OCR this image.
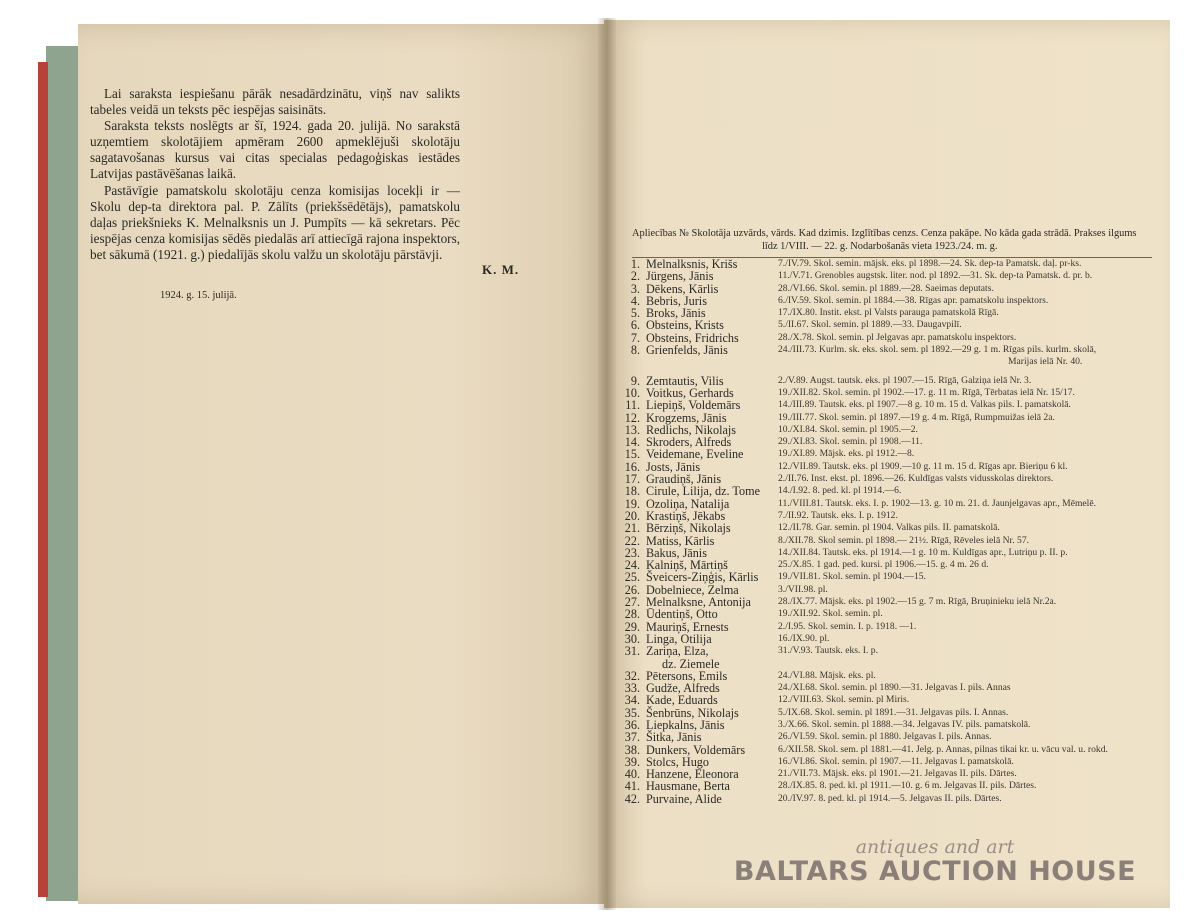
Lai saraksta iespiešanu pārāk nesadārdzinātu, viņš nav salikts tabeles veidā un teksts pēc iespējas saisināts.

Saraksta teksts noslēgts ar šī, 1924. gada 20. julijā. No sarakstā uzņemtiem skolotājiem apmēram 2600 apmeklējuši skolotāju sagatavošanas kursus vai citas specialas pedagoģiskas iestādes Latvijas pastāvēšanas laikā.

Pastāvīgie pamatskolu skolotāju cenza komisijas locekļi ir — Skolu dep-ta direktora pal. P. Zālīts (priekšsēdētājs), pamatskolu daļas priekšnieks K. Melnalksnis un J. Pumpīts — kā sekretars. Pēc iespējas cenza komisijas sēdēs piedalās arī attiecīgā rajona inspektors, bet sākumā (1921. g.) piedalījās skolu valžu un skolotāju pārstāvji.

K. M.
1924. g. 15. julijā.
Apliecības № Skolotāja uzvārds, vārds. Kad dzimis. Izglītības cenzs. Cenza pakāpe. No kāda gada strādā. Prakses ilgums
līdz 1/VIII. — 22. g. Nodarbošanās vieta 1923./24. m. g.
1. Melnalksnis, Krišs	7./IV.79. Skol. semin. mājsk. eks. pl 1898.—24. Sk. dep-ta Pamatsk. daļ. pr-ks.
2. Jürgens, Jānis	11./V.71. Grenobles augstsk. liter. nod. pl 1892.—31. Sk. dep-ta Pamatsk. d. pr. b.
3. Dēkens, Kārlis	28./VI.66. Skol. semin. pl 1889.—28. Saeimas deputats.
4. Bebris, Juris	6./IV.59. Skol. semin. pl 1884.—38. Rīgas apr. pamatskolu inspektors.
5. Broks, Jānis	17./IX.80. Instit. ekst. pl Valsts parauga pamatskolā Rīgā.
6. Obsteins, Krists	5./II.67. Skol. semin. pl 1889.—33. Daugavpilī.
7. Obsteins, Fridrichs	28./X.78. Skol. semin. pl Jelgavas apr. pamatskolu inspektors.
8. Grienfelds, Jānis	24./III.73. Kurlm. sk. eks. skol. sem. pl 1892.—29 g. 1 m. Rīgas pils. kurlm. skolā,
Marijas ielā Nr. 40.
9. Zemtautis, Vilis	2./V.89. Augst. tautsk. eks. pl 1907.—15. Rīgā, Galziņa ielā Nr. 3.
10. Voitkus, Gerhards	19./XII.82. Skol. semin. pl 1902.—17. g. 11 m. Rīgā, Tērbatas ielā Nr. 15/17.
11. Liepiņš, Voldemārs	14./III.89. Tautsk. eks. pl 1907.—8 g. 10 m. 15 d. Valkas pils. I. pamatskolā.
12. Krogzems, Jānis	19./III.77. Skol. semin. pl 1897.—19 g. 4 m. Rīgā, Rumpmuižas ielā 2a.
13. Redlichs, Nikolajs	10./XI.84. Skol. semin. pl 1905.—2.
14. Skroders, Alfreds	29./XI.83. Skol. semin. pl 1908.—11.
15. Veidemane, Eveline	19./XI.89. Mājsk. eks. pl 1912.—8.
16. Josts, Jānis	12./VII.89. Tautsk. eks. pl 1909.—10 g. 11 m. 15 d. Rīgas apr. Bieriņu 6 kl.
17. Graudiņš, Jānis	2./II.76. Inst. ekst. pl. 1896.—26. Kuldīgas valsts vidusskolas direktors.
18. Cirule, Lilija, dz. Tome	14./I.92. 8. ped. kl. pl 1914.—6.
19. Ozoliņa, Natalija	11./VIII.81. Tautsk. eks. I. p. 1902—13. g. 10 m. 21. d. Jaunjelgavas apr., Mēmelē.
20. Krastiņš, Jēkabs	7./II.92. Tautsk. eks. I. p. 1912.
21. Bērziņš, Nikolajs	12./II.78. Gar. semin. pl 1904. Valkas pils. II. pamatskolā.
22. Matiss, Kārlis	8./XII.78. Skol semin. pl 1898.— 21½. Rīgā, Rēveles ielā Nr. 57.
23. Bakus, Jānis	14./XII.84. Tautsk. eks. pl 1914.—1 g. 10 m. Kuldīgas apr., Lutriņu p. II. p.
24. Kalniņš, Mārtiņš	25./X.85. 1 gad. ped. kursi. pl 1906.—15. g. 4 m. 26 d.
25. Šveicers-Ziņģis, Kārlis	19./VII.81. Skol. semin. pl 1904.—15.
26. Dobelniece, Zelma	3./VII.98. pl.
27. Melnalksne, Antonija	28./IX.77. Mājsk. eks. pl 1902.—15 g. 7 m. Rīgā, Bruņinieku ielā Nr.2a.
28. Ūdentiņš, Otto	19./XII.92. Skol. semin. pl.
29. Mauriņš, Ernests	2./I.95. Skol. semin. I. p. 1918. —1.
30. Linga, Otilija	16./IX.90. pl.
31. Zariņa, Elza,
dz. Ziemele
31./V.93. Tautsk. eks. I. p.
32. Pētersons, Emils	24./VI.88. Mājsk. eks. pl.
33. Gudže, Alfreds	24./XI.68. Skol. semin. pl 1890.—31. Jelgavas I. pils. Annas
34. Kade, Eduards	12./VIII.63. Skol. semin. pl Miris.
35. Šenbrūns, Nikolajs	5./IX.68. Skol. semin. pl 1891.—31. Jelgavas pils. I. Annas.
36. Liepkalns, Jānis	3./X.66. Skol. semin. pl 1888.—34. Jelgavas IV. pils. pamatskolā.
37. Šitka, Jānis	26./VI.59. Skol. semin. pl 1880. Jelgavas I. pils. Annas.
38. Dunkers, Voldemārs	6./XII.58. Skol. sem. pl 1881.—41. Jelg. p. Annas, pilnas tikai kr. u. vācu val. u. rokd.
39. Stolcs, Hugo	16./VI.86. Skol. semin. pl 1907.—11. Jelgavas I. pamatskolā.
40. Hanzene, Eleonora	21./VII.73. Mājsk. eks. pl 1901.—21. Jelgavas II. pils. Dārtes.
41. Hausmane, Berta	28./IX.85. 8. ped. kl. pl 1911.—10. g. 6 m. Jelgavas II. pils. Dārtes.
42. Purvaine, Alide	20./IV.97. 8. ped. kl. pl 1914.—5. Jelgavas II. pils. Dārtes.
antiques and art
BALTARS AUCTION HOUSE
